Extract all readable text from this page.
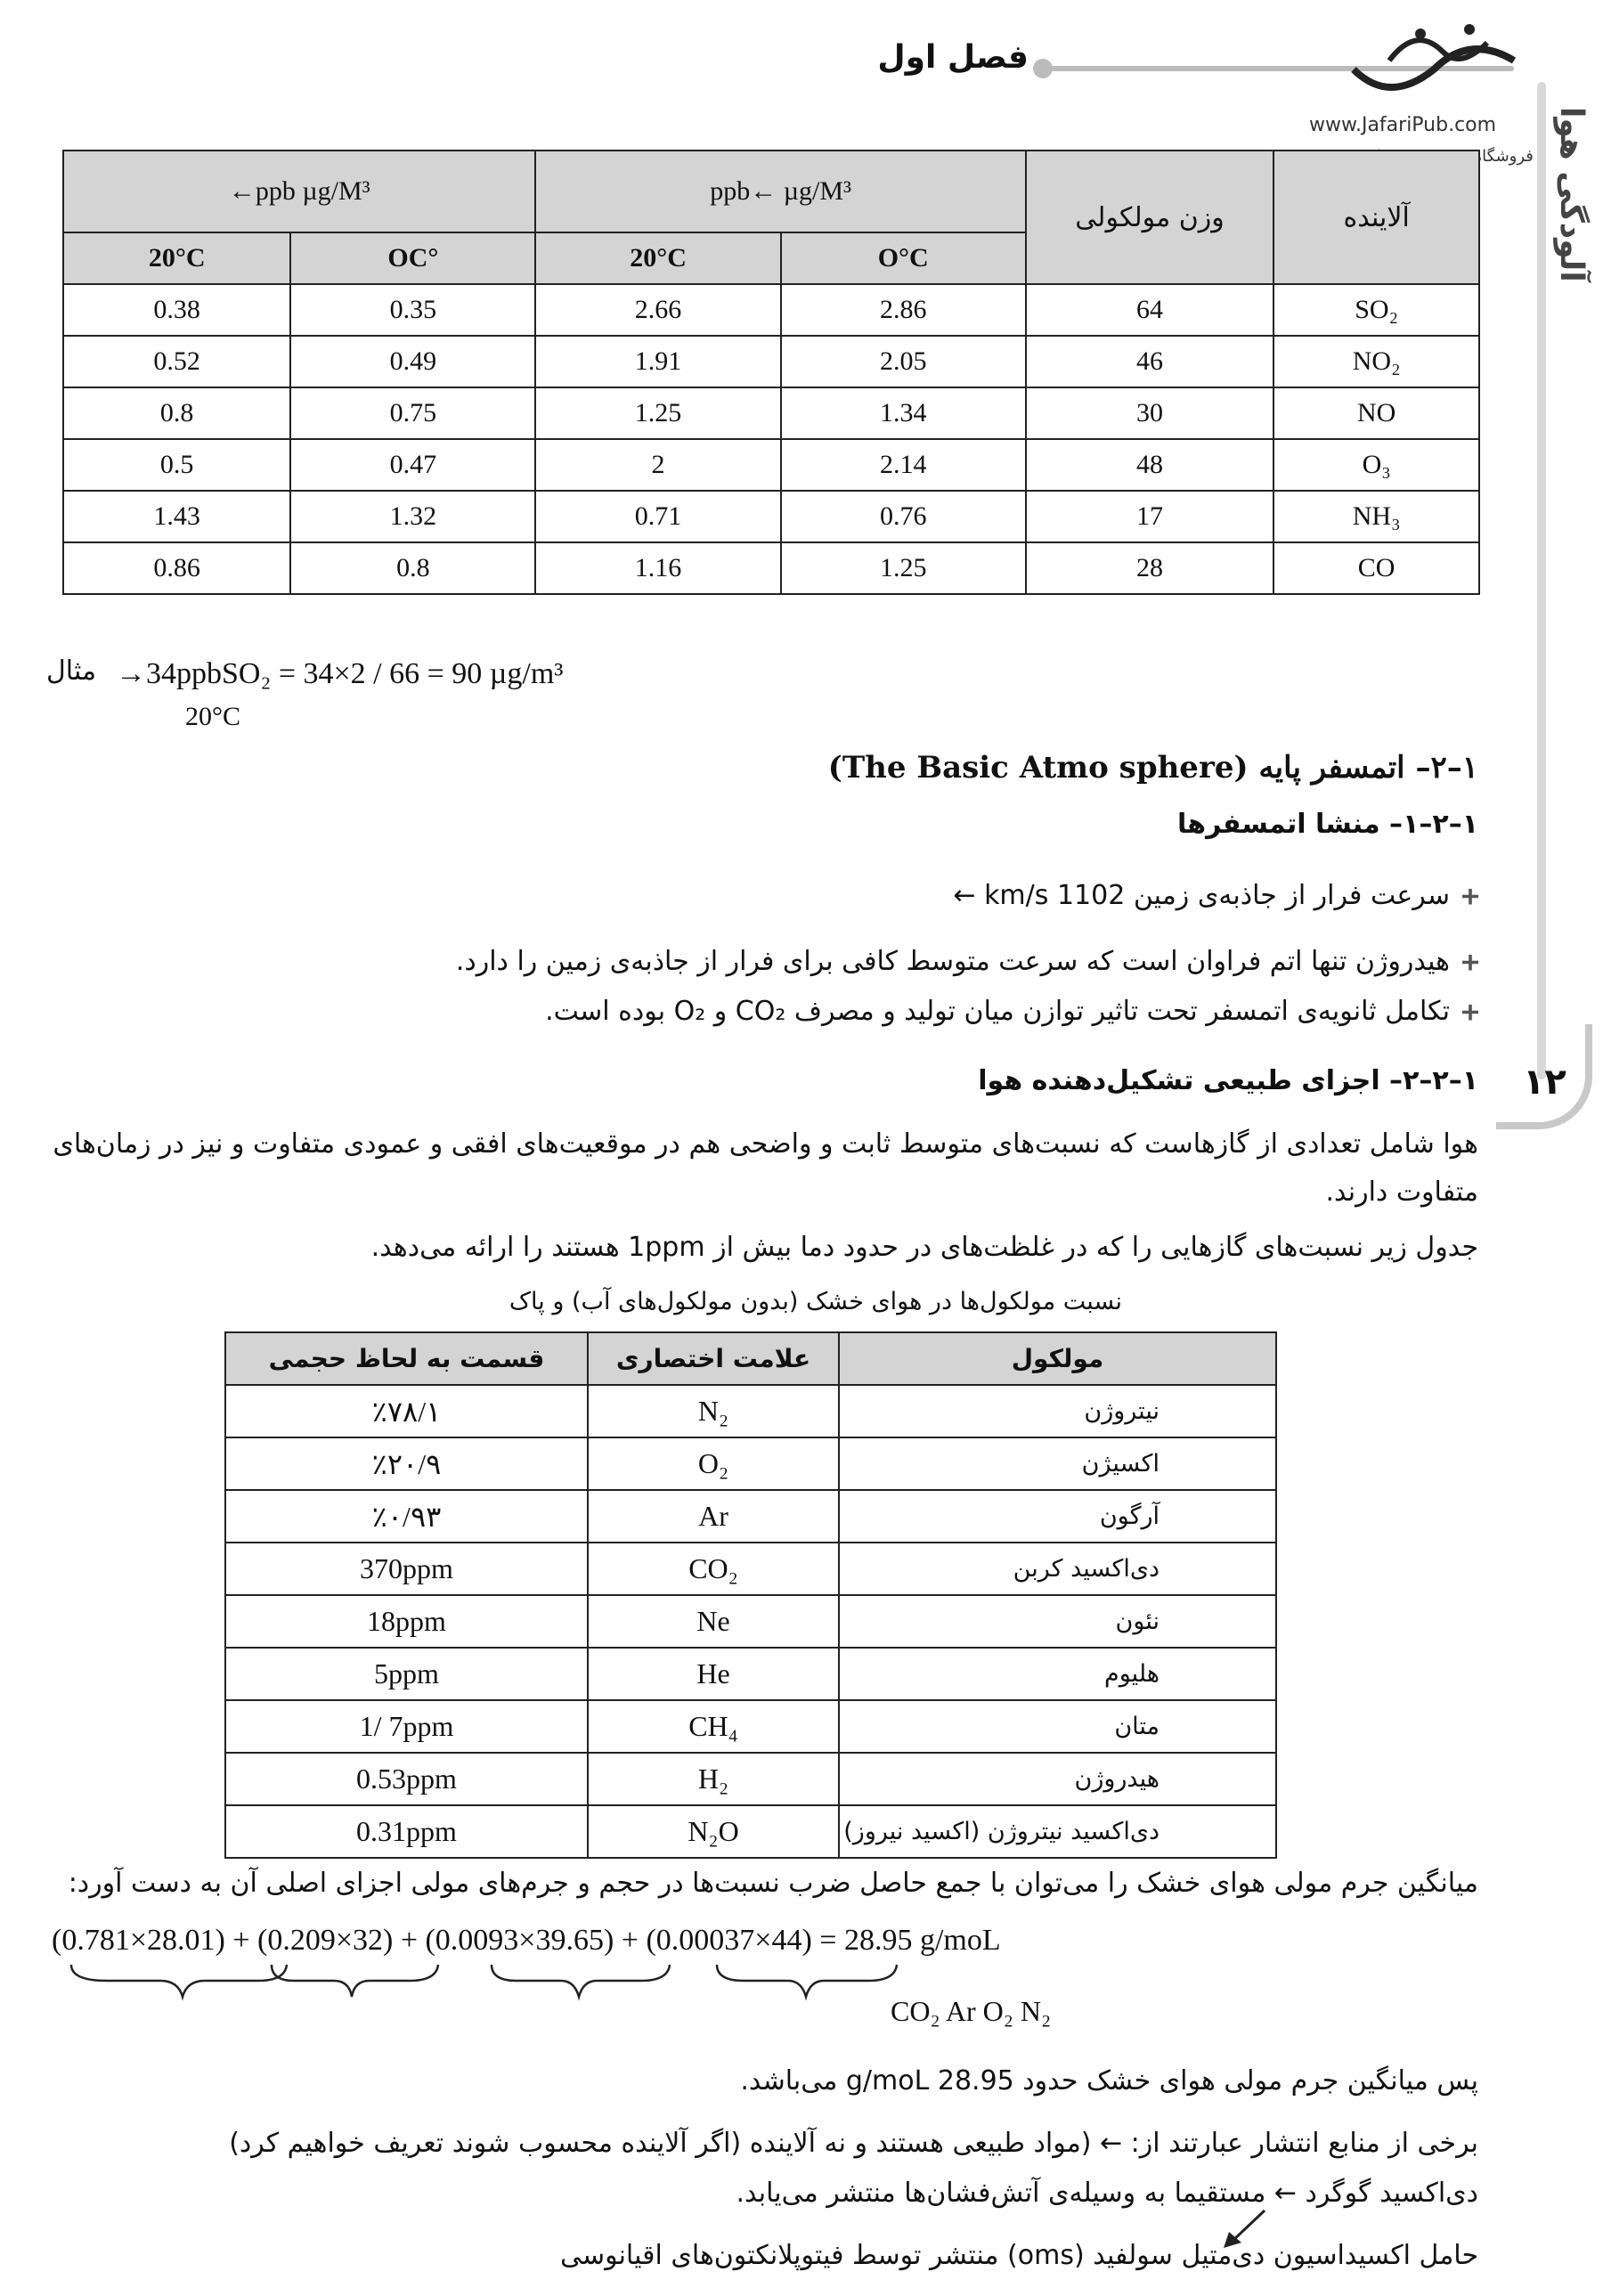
فصل اول
www.JafariPub.com
فروشگاه تخصصی پزشکی جعفری نوین آلودگی هوا
۱۲
←ppb µg/M³		ppb← µg/M³		وزن مولکولی	آلاینده
20°C	OC°	20°C	O°C		
0.38	0.35	2.66	2.86	64	SO₂
0.52	0.49	1.91	2.05	46	NO₂
0.8	0.75	1.25	1.34	30	NO
0.5	0.47	2	2.14	48	O₃
1.43	1.32	0.71	0.76	17	NH₃
0.86	0.8	1.16	1.25	28	CO
مثال →34ppbSO₂ = 34×2 / 66 = 90 µg/m³
20°C
۱–۲– اتمسفر پایه (The Basic Atmo sphere)
۱–۲–۱– منشا اتمسفرها
سرعت فرار از جاذبه‌ی زمین 1102 km/s ←
هیدروژن تنها اتم فراوان است که سرعت متوسط کافی برای فرار از جاذبه‌ی زمین را دارد.
تکامل ثانویه‌ی اتمسفر تحت تاثیر توازن میان تولید و مصرف CO₂ و O₂ بوده است.
۱–۲–۲– اجزای طبیعی تشکیل‌دهنده هوا
هوا شامل تعدادی از گازهاست که نسبت‌های متوسط ثابت و واضحی هم در موقعیت‌های افقی و عمودی متفاوت و نیز در زمان‌های متفاوت دارند.
جدول زیر نسبت‌های گازهایی را که در غلظت‌های در حدود دما بیش از 1ppm هستند را ارائه می‌دهد.
نسبت مولکول‌ها در هوای خشک (بدون مولکول‌های آب) و پاک
قسمت به لحاظ حجمی	علامت اختصاری	مولکول
٪۷۸/۱	N₂	نیتروژن
٪۲۰/۹	O₂	اکسیژن
٪۰/۹۳	Ar	آرگون
370ppm	CO₂	دی‌اکسید کربن
18ppm	Ne	نئون
5ppm	He	هلیوم
1/ 7ppm	CH₄	متان
0.53ppm	H₂	هیدروژن
0.31ppm	N₂O	دی‌اکسید نیتروژن (اکسید نیروز)
میانگین جرم مولی هوای خشک را می‌توان با جمع حاصل ضرب نسبت‌ها در حجم و جرم‌های مولی اجزای اصلی آن به دست آورد:
(0.781×28.01) + (0.209×32) + (0.0093×39.65) + (0.00037×44) = 28.95 g/moL
CO₂ Ar O₂ N₂
پس میانگین جرم مولی هوای خشک حدود 28.95 g/moL می‌باشد.
برخی از منابع انتشار عبارتند از: ← (مواد طبیعی هستند و نه آلاینده (اگر آلاینده محسوب شوند تعریف خواهیم کرد)
دی‌اکسید گوگرد ← مستقیما به وسیله‌ی آتش‌فشان‌ها منتشر می‌یابد.
حامل اکسیداسیون دی‌متیل سولفید (oms) منتشر توسط فیتوپلانکتون‌های اقیانوسی
